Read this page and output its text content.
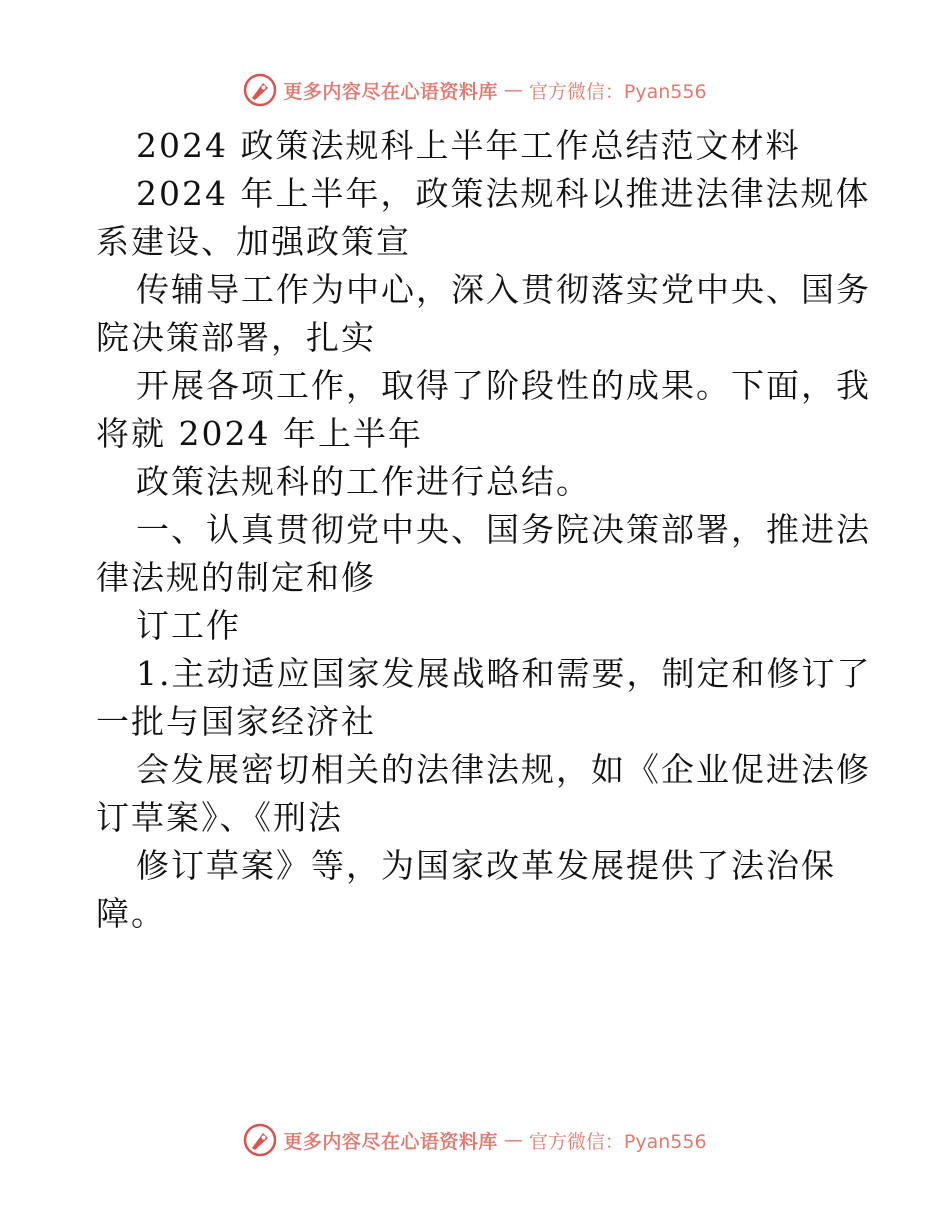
更多内容尽在心语资料库 — 官方微信：Pyan556
2024 政策法规科上半年工作总结范文材料
2024 年上半年，政策法规科以推进法律法规体
系建设、加强政策宣
传辅导工作为中心，深入贯彻落实党中央、国务
院决策部署，扎实
开展各项工作，取得了阶段性的成果。下面，我
将就 2024 年上半年
政策法规科的工作进行总结。
一、认真贯彻党中央、国务院决策部署，推进法
律法规的制定和修
订工作
1.主动适应国家发展战略和需要，制定和修订了
一批与国家经济社
会发展密切相关的法律法规，如《企业促进法修
订草案》、《刑法
修订草案》等，为国家改革发展提供了法治保
障。
更多内容尽在心语资料库 — 官方微信：Pyan556
